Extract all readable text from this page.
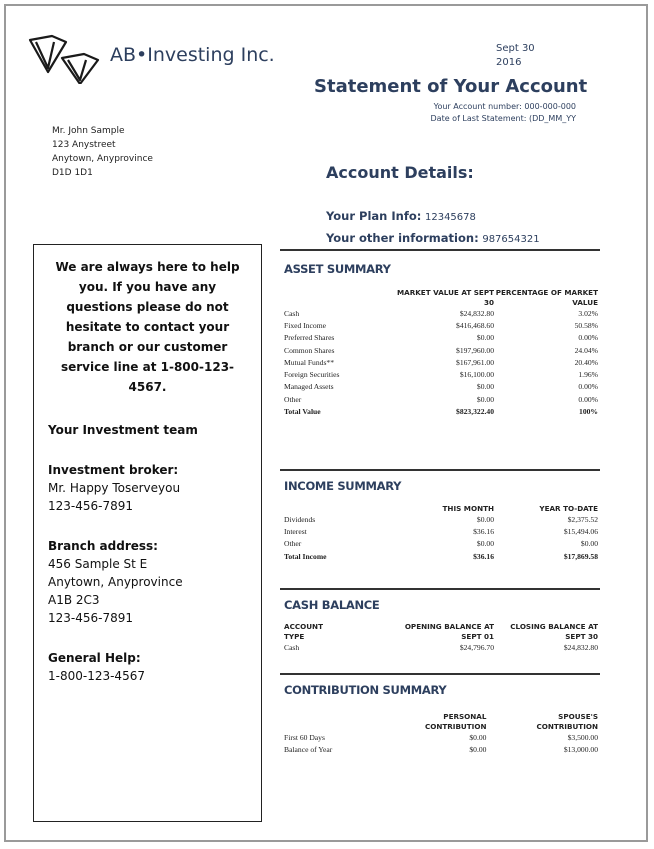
AB•Investing Inc.	Sept 30
2016
Statement of Your Account
Your Account number: 000-000-000
Date of Last Statement: (DD_MM_YY
Mr. John Sample
123 Anystreet
Anytown, Anyprovince
D1D 1D1	Account Details:
Your Plan Info: 12345678
Your other information: 987654321
We are always here to help you. If you have any questions please do not hesitate to contact your branch or our customer service line at 1-800-123-4567.
Your Investment team
Investment broker:
Mr. Happy Toserveyou
123-456-7891
Branch address:
456 Sample St E
Anytown, Anyprovince
A1B 2C3
123-456-7891
General Help:
1-800-123-4567
ASSET SUMMARY
	MARKET VALUE AT SEPT 30	PERCENTAGE OF MARKET VALUE
Cash	$24,832.80	3.02%
Fixed Income	$416,468.60	50.58%
Preferred Shares	$0.00	0.00%
Common Shares	$197,960.00	24.04%
Mutual Funds**	$167,961.00	20.40%
Foreign Securities	$16,100.00	1.96%
Managed Assets	$0.00	0.00%
Other	$0.00	0.00%
Total Value	$823,322.40	100%
INCOME SUMMARY
	THIS MONTH	YEAR TO-DATE
Dividends	$0.00	$2,375.52
Interest	$36.16	$15,494.06
Other	$0.00	$0.00
Total Income	$36.16	$17,869.58
CASH BALANCE
ACCOUNT TYPE	OPENING BALANCE AT SEPT 01	CLOSING BALANCE AT SEPT 30
Cash	$24,796.70	$24,832.80
CONTRIBUTION SUMMARY
	PERSONAL CONTRIBUTION	SPOUSE'S CONTRIBUTION
First 60 Days	$0.00	$3,500.00
Balance of Year	$0.00	$13,000.00
